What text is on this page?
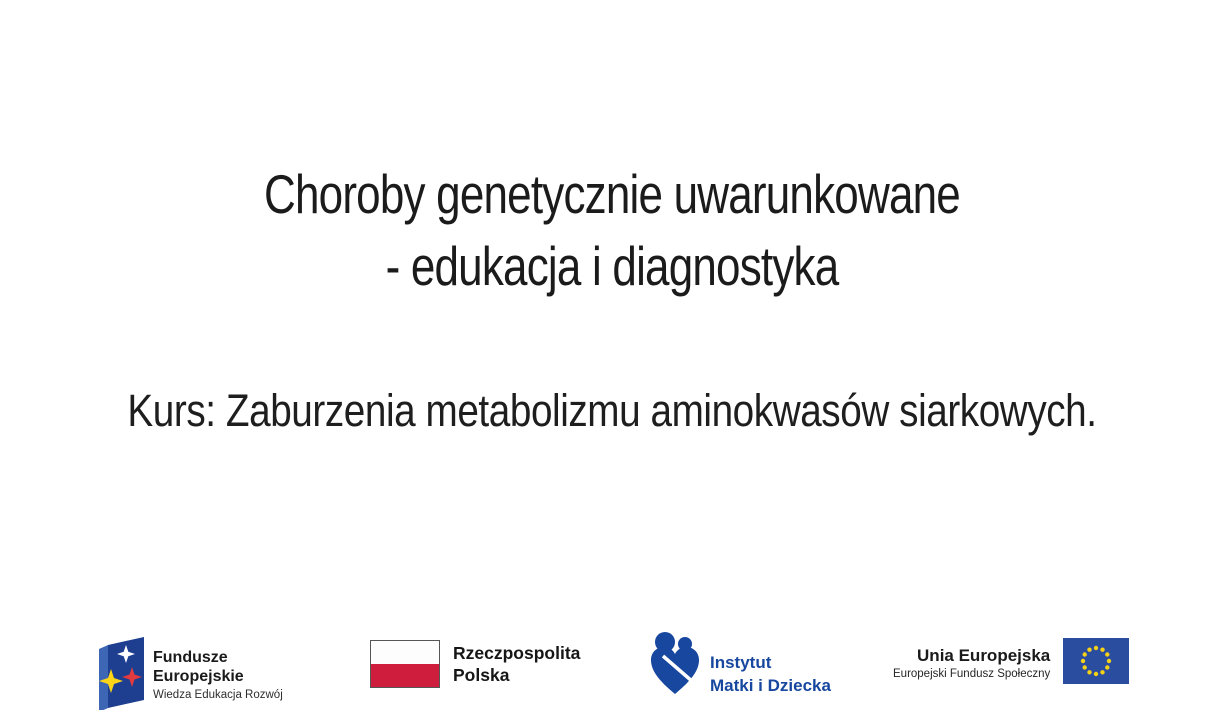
Choroby genetycznie uwarunkowane
- edukacja i diagnostyka
Kurs: Zaburzenia metabolizmu aminokwasów siarkowych.
Fundusze
Europejskie
Wiedza Edukacja Rozwój
Rzeczpospolita
Polska
Instytut
Matki i Dziecka
Unia Europejska
Europejski Fundusz Społeczny
